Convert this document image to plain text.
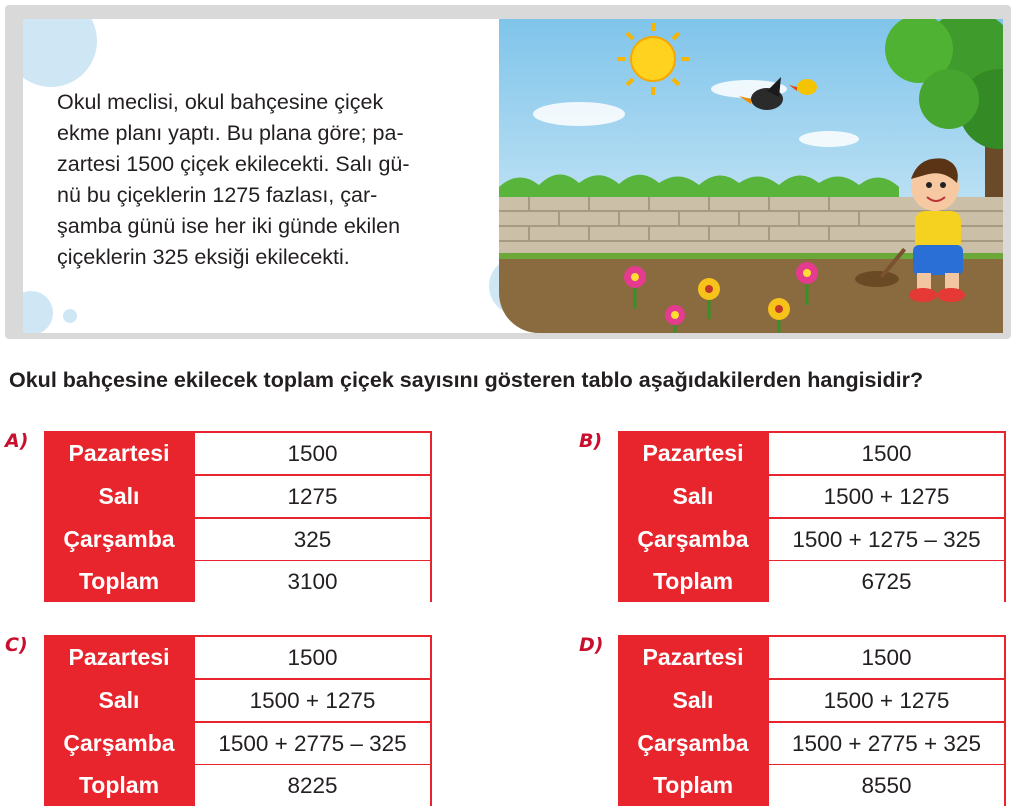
Okul meclisi, okul bahçesine çiçek
ekme planı yaptı. Bu plana göre; pa-
zartesi 1500 çiçek ekilecekti. Salı gü-
nü bu çiçeklerin 1275 fazlası, çar-
şamba günü ise her iki günde ekilen
çiçeklerin 325 eksiği ekilecekti.

Okul bahçesine ekilecek toplam çiçek sayısını gösteren tablo aşağıdakilerden hangisidir?

A)	Pazartesi	1500
Salı	1275
Çarşamba	325
Toplam	3100
B)	Pazartesi	1500
Salı	1500 + 1275
Çarşamba	1500 + 1275 – 325
Toplam	6725
C)	Pazartesi	1500
Salı	1500 + 1275
Çarşamba	1500 + 2775 – 325
Toplam	8225
D)	Pazartesi	1500
Salı	1500 + 1275
Çarşamba	1500 + 2775 + 325
Toplam	8550
